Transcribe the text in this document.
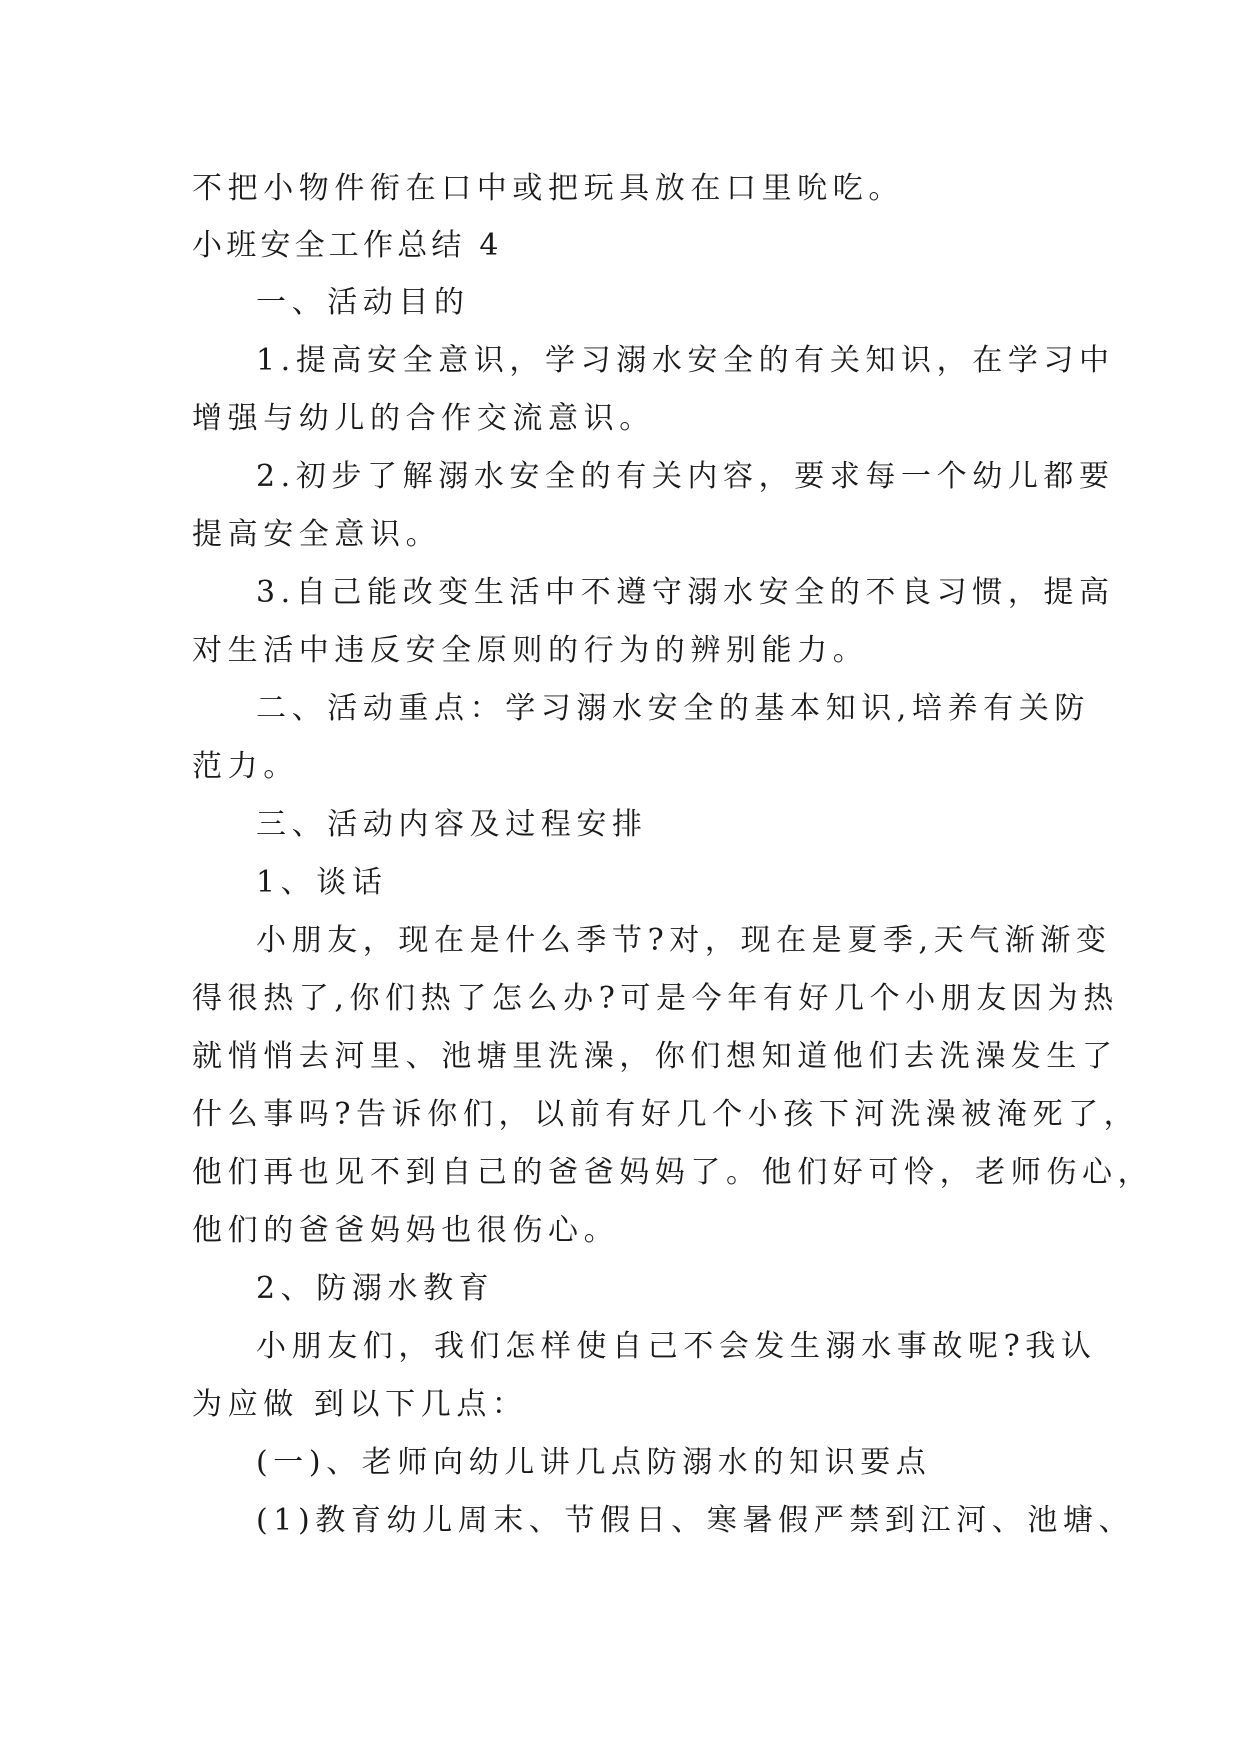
不把小物件衔在口中或把玩具放在口里吮吃。
小班安全工作总结 4
一、活动目的
1.提高安全意识，学习溺水安全的有关知识，在学习中
增强与幼儿的合作交流意识。
2.初步了解溺水安全的有关内容，要求每一个幼儿都要
提高安全意识。
3.自己能改变生活中不遵守溺水安全的不良习惯，提高
对生活中违反安全原则的行为的辨别能力。
二、活动重点：学习溺水安全的基本知识,培养有关防
范力。
三、活动内容及过程安排
1、谈话
小朋友，现在是什么季节?对，现在是夏季,天气渐渐变
得很热了,你们热了怎么办?可是今年有好几个小朋友因为热
就悄悄去河里、池塘里洗澡，你们想知道他们去洗澡发生了
什么事吗?告诉你们，以前有好几个小孩下河洗澡被淹死了，
他们再也见不到自己的爸爸妈妈了。他们好可怜，老师伤心，
他们的爸爸妈妈也很伤心。
2、防溺水教育
小朋友们，我们怎样使自己不会发生溺水事故呢?我认
为应做 到以下几点：
(一)、老师向幼儿讲几点防溺水的知识要点
(1)教育幼儿周末、节假日、寒暑假严禁到江河、池塘、
